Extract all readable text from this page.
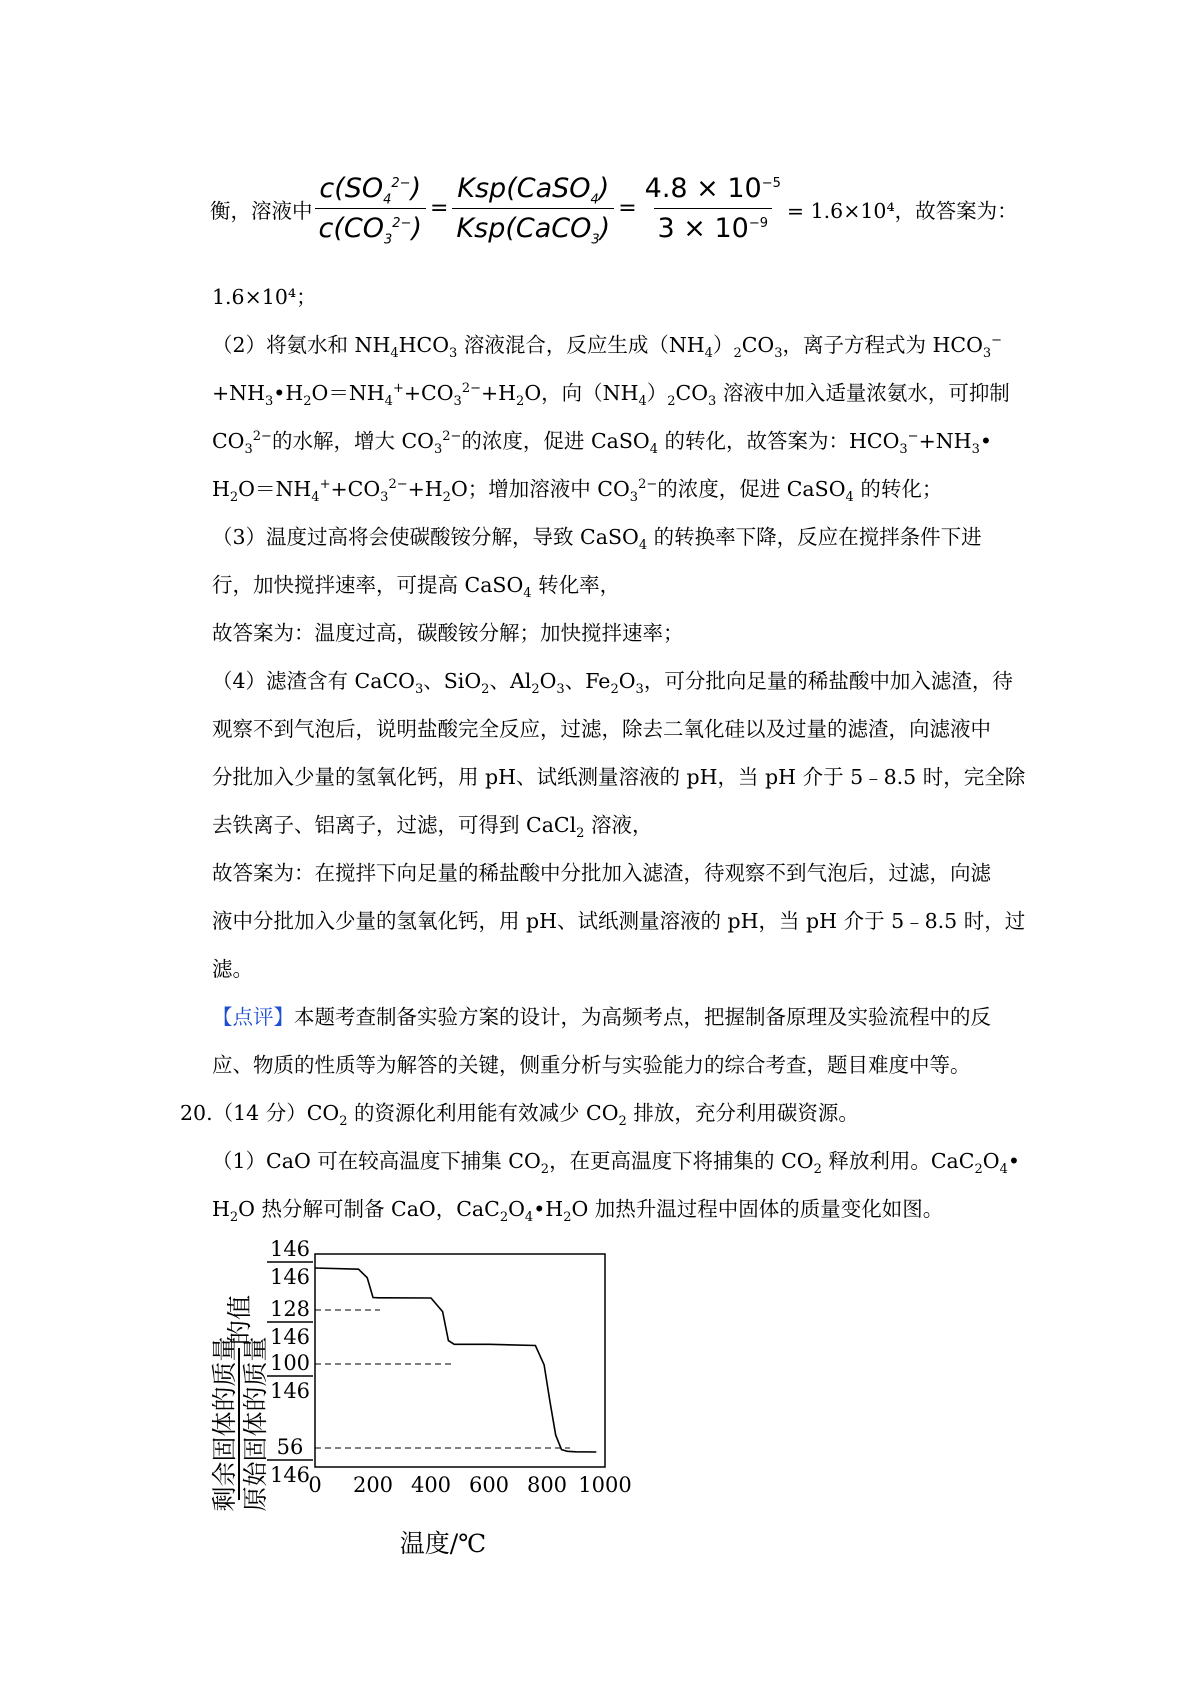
衡，溶液中 $\frac{c(SO_4^{2-})}{c(CO_3^{2-})} = \frac{Ksp(CaSO_4)}{Ksp(CaCO_3)} = \frac{4.8 \times 10^{-5}}{3 \times 10^{-9}} = 1.6\times 10^4$，故答案为：
1.6×10⁴；
（2）将氨水和 $NH_4HCO_3$ 溶液混合，反应生成$(NH_4)_2CO_3$，离子方程式为 $HCO_3^-$
$+NH_3•H_2O=NH_4^++CO_3^{2-}+H_2O$，向$(NH_4)_2CO_3$ 溶液中加入适量浓氨水，可抑制
$CO_3^{2-}$的水解，增大 $CO_3^{2-}$的浓度，促进 CaSO$_4$ 的转化，故答案为：$HCO_3^-+NH_3•$
$H_2O=NH_4^++CO_3^{2-}+H_2O$；增加溶液中 $CO_3^{2-}$的浓度，促进 CaSO$_4$ 的转化；
（3）温度过高将会使碳酸铵分解，导致 CaSO$_4$ 的转换率下降，反应在搅拌条件下进
行，加快搅拌速率，可提高 CaSO$_4$ 转化率，
故答案为：温度过高，碳酸铵分解；加快搅拌速率；
（4）滤渣含有 CaCO$_3$、SiO$_2$、$Al_2O_3$、$Fe_2O_3$，可分批向足量的稀盐酸中加入滤渣，待
观察不到气泡后，说明盐酸完全反应，过滤，除去二氧化硅以及过量的滤渣，向滤液中
分批加入少量的氢氧化钙，用 pH、试纸测量溶液的 pH，当 pH 介于 5﹣8.5 时，完全除
去铁离子、铝离子，过滤，可得到 CaCl$_2$ 溶液，
故答案为：在搅拌下向足量的稀盐酸中分批加入滤渣，待观察不到气泡后，过滤，向滤
液中分批加入少量的氢氧化钙，用 pH、试纸测量溶液的 pH，当 pH 介于 5﹣8.5 时，过
滤。
【点评】本题考查制备实验方案的设计，为高频考点，把握制备原理及实验流程中的反
应、物质的性质等为解答的关键，侧重分析与实验能力的综合考查，题目难度中等。
20.（14 分）$CO_2$ 的资源化利用能有效减少 $CO_2$ 排放，充分利用碳资源。
（1）CaO 可在较高温度下捕集 $CO_2$，在更高温度下将捕集的 $CO_2$ 释放利用。$CaC_2O_4•$
$H_2O$ 热分解可制备 CaO，$CaC_2O_4•H_2O$ 加热升温过程中固体的质量变化如图。
剩余固体的质量 原始固体的质量
的值
146
146
128
146
100
146
56
146
0 200 400 600 800 1000
温度/℃
